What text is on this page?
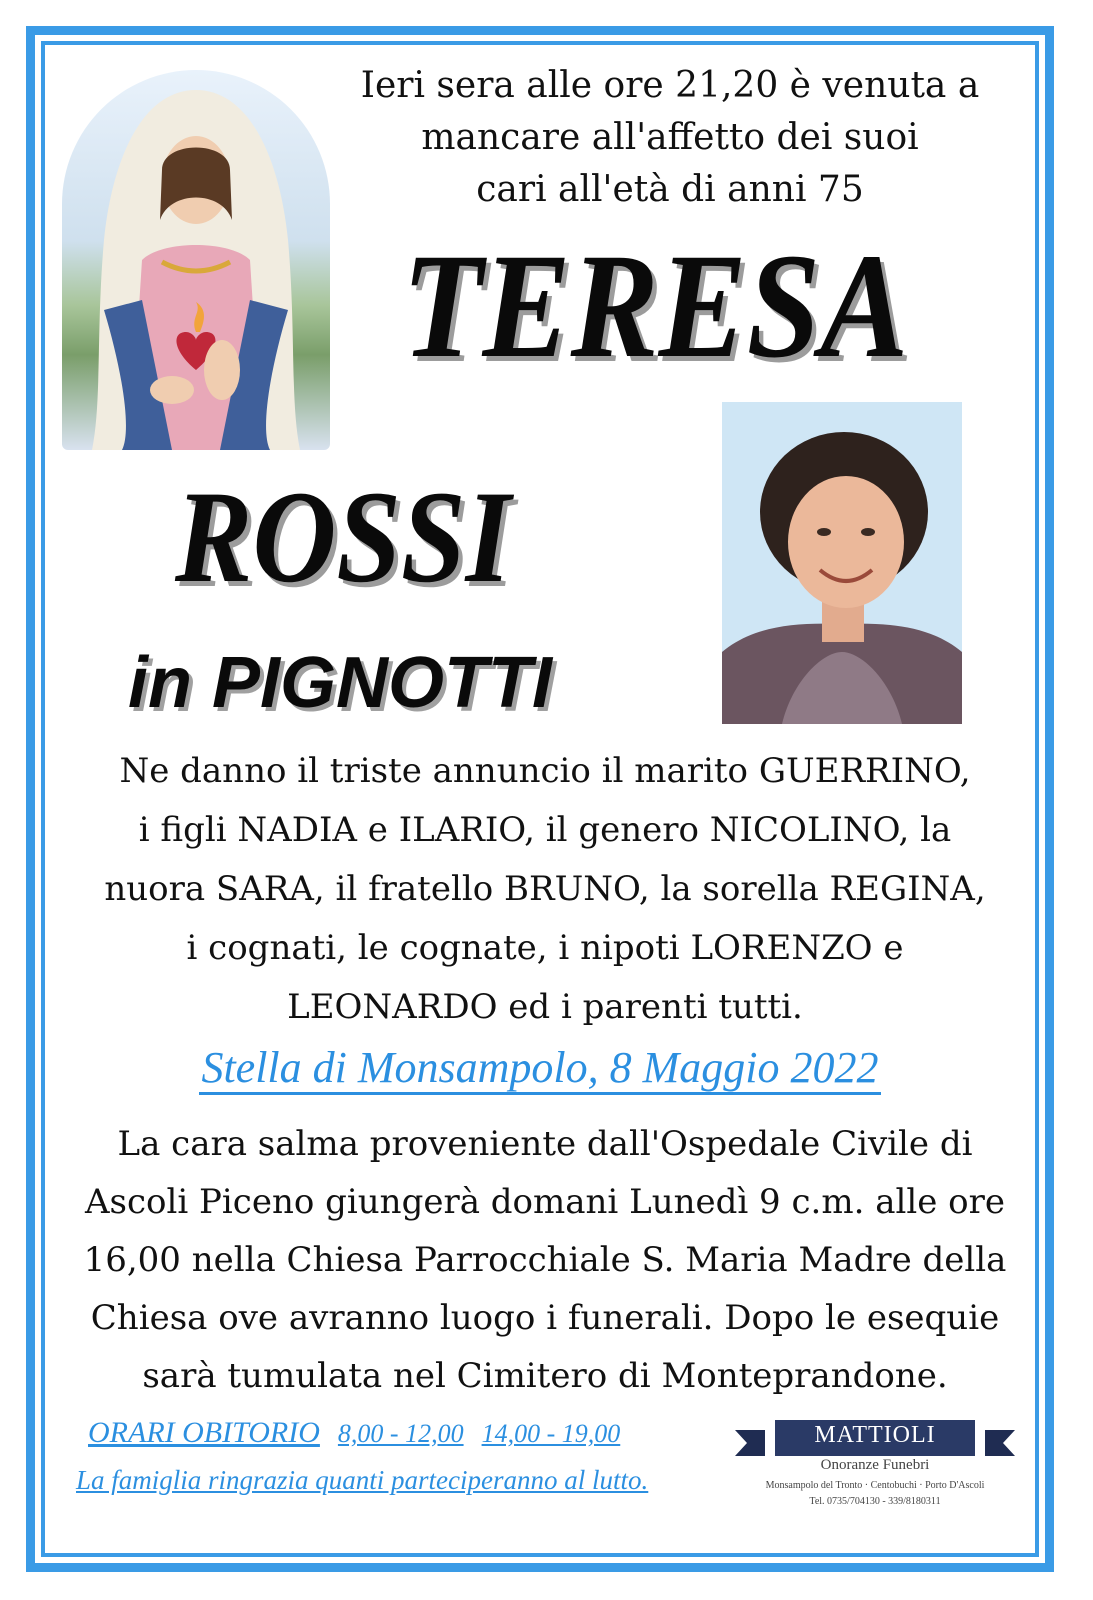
Ieri sera alle ore 21,20 è venuta a
mancare all'affetto dei suoi
cari all'età di anni 75
TERESA
ROSSI
in PIGNOTTI
Ne danno il triste annuncio il marito GUERRINO,
i figli NADIA e ILARIO, il genero NICOLINO, la
nuora SARA, il fratello BRUNO, la sorella REGINA,
i cognati, le cognate, i nipoti LORENZO e
LEONARDO ed i parenti tutti.
Stella di Monsampolo, 8 Maggio 2022
La cara salma proveniente dall'Ospedale Civile di
Ascoli Piceno giungerà domani Lunedì 9 c.m. alle ore
16,00 nella Chiesa Parrocchiale S. Maria Madre della
Chiesa ove avranno luogo i funerali. Dopo le esequie
sarà tumulata nel Cimitero di Monteprandone.
ORARI OBITORIO 8,00 - 12,00 14,00 - 19,00
La famiglia ringrazia quanti parteciperanno al lutto.
MATTIOLI
Onoranze Funebri
Monsampolo del Tronto · Centobuchi · Porto D'Ascoli
Tel. 0735/704130 - 339/8180311
